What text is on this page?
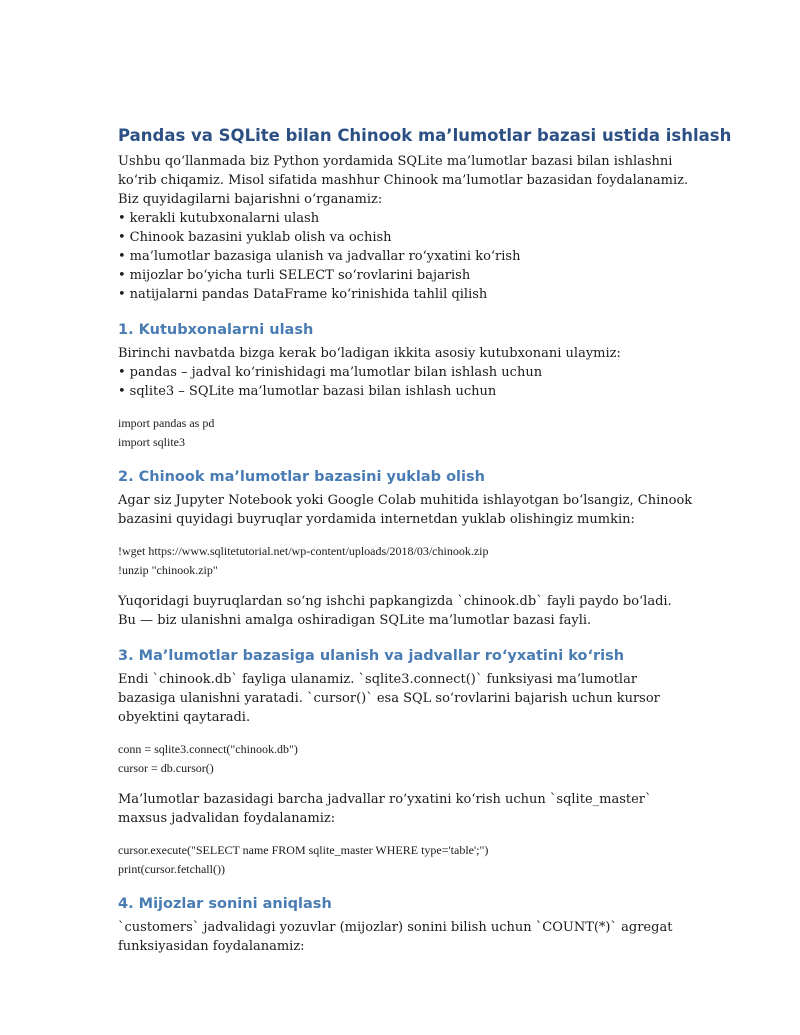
Pandas va SQLite bilan Chinook ma’lumotlar bazasi ustida ishlash

Ushbu qo‘llanmada biz Python yordamida SQLite ma’lumotlar bazasi bilan ishlashni ko‘rib chiqamiz. Misol sifatida mashhur Chinook ma’lumotlar bazasidan foydalanamiz. Biz quyidagilarni bajarishni o‘rganamiz:

• kerakli kutubxonalarni ulash
• Chinook bazasini yuklab olish va ochish
• ma’lumotlar bazasiga ulanish va jadvallar ro‘yxatini ko‘rish
• mijozlar bo‘yicha turli SELECT so‘rovlarini bajarish
• natijalarni pandas DataFrame ko‘rinishida tahlil qilish
1. Kutubxonalarni ulash

Birinchi navbatda bizga kerak bo‘ladigan ikkita asosiy kutubxonani ulaymiz:

• pandas – jadval ko‘rinishidagi ma’lumotlar bilan ishlash uchun
• sqlite3 – SQLite ma’lumotlar bazasi bilan ishlash uchun

import pandas as pd

import sqlite3

2. Chinook ma’lumotlar bazasini yuklab olish

Agar siz Jupyter Notebook yoki Google Colab muhitida ishlayotgan bo‘lsangiz, Chinook bazasini quyidagi buyruqlar yordamida internetdan yuklab olishingiz mumkin:

!wget https://www.sqlitetutorial.net/wp-content/uploads/2018/03/chinook.zip

!unzip "chinook.zip"

Yuqoridagi buyruqlardan so‘ng ishchi papkangizda `chinook.db` fayli paydo bo‘ladi. Bu — biz ulanishni amalga oshiradigan SQLite ma’lumotlar bazasi fayli.

3. Ma’lumotlar bazasiga ulanish va jadvallar ro‘yxatini ko‘rish

Endi `chinook.db` fayliga ulanamiz. `sqlite3.connect()` funksiyasi ma’lumotlar bazasiga ulanishni yaratadi. `cursor()` esa SQL so‘rovlarini bajarish uchun kursor obyektini qaytaradi.

conn = sqlite3.connect("chinook.db")

cursor = db.cursor()

Ma’lumotlar bazasidagi barcha jadvallar ro‘yxatini ko‘rish uchun `sqlite_master` maxsus jadvalidan foydalanamiz:

cursor.execute("SELECT name FROM sqlite_master WHERE type='table';")

print(cursor.fetchall())

4. Mijozlar sonini aniqlash

`customers` jadvalidagi yozuvlar (mijozlar) sonini bilish uchun `COUNT(*)` agregat funksiyasidan foydalanamiz:
